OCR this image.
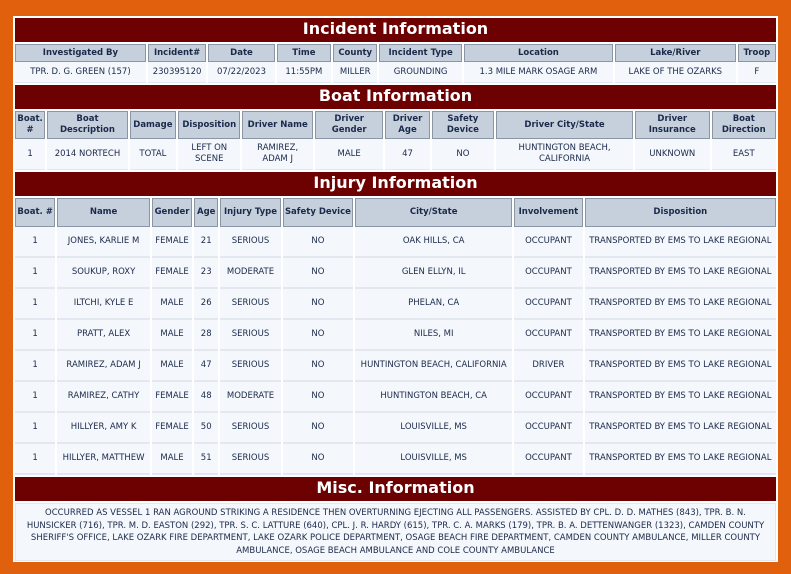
Incident Information
Investigated By	Incident#	Date	Time	County	Incident Type	Location	Lake/River	Troop
TPR. D. G. GREEN (157)	230395120	07/22/2023	11:55PM	MILLER	GROUNDING	1.3 MILE MARK OSAGE ARM	LAKE OF THE OZARKS	F
Boat Information
Boat. #	Boat Description	Damage	Disposition	Driver Name	Driver Gender	Driver Age	Safety Device	Driver City/State	Driver Insurance	Boat Direction
1	2014 NORTECH	TOTAL	LEFT ON SCENE	RAMIREZ, ADAM J	MALE	47	NO	HUNTINGTON BEACH, CALIFORNIA	UNKNOWN	EAST
Injury Information
Boat. #	Name	Gender	Age	Injury Type	Safety Device	City/State	Involvement	Disposition
1	JONES, KARLIE M	FEMALE	21	SERIOUS	NO	OAK HILLS, CA	OCCUPANT	TRANSPORTED BY EMS TO LAKE REGIONAL
1	SOUKUP, ROXY	FEMALE	23	MODERATE	NO	GLEN ELLYN, IL	OCCUPANT	TRANSPORTED BY EMS TO LAKE REGIONAL
1	ILTCHI, KYLE E	MALE	26	SERIOUS	NO	PHELAN, CA	OCCUPANT	TRANSPORTED BY EMS TO LAKE REGIONAL
1	PRATT, ALEX	MALE	28	SERIOUS	NO	NILES, MI	OCCUPANT	TRANSPORTED BY EMS TO LAKE REGIONAL
1	RAMIREZ, ADAM J	MALE	47	SERIOUS	NO	HUNTINGTON BEACH, CALIFORNIA	DRIVER	TRANSPORTED BY EMS TO LAKE REGIONAL
1	RAMIREZ, CATHY	FEMALE	48	MODERATE	NO	HUNTINGTON BEACH, CA	OCCUPANT	TRANSPORTED BY EMS TO LAKE REGIONAL
1	HILLYER, AMY K	FEMALE	50	SERIOUS	NO	LOUISVILLE, MS	OCCUPANT	TRANSPORTED BY EMS TO LAKE REGIONAL
1	HILLYER, MATTHEW	MALE	51	SERIOUS	NO	LOUISVILLE, MS	OCCUPANT	TRANSPORTED BY EMS TO LAKE REGIONAL
Misc. Information
OCCURRED AS VESSEL 1 RAN AGROUND STRIKING A RESIDENCE THEN OVERTURNING EJECTING ALL PASSENGERS. ASSISTED BY CPL. D. D. MATHES (843), TPR. B. N. HUNSICKER (716), TPR. M. D. EASTON (292), TPR. S. C. LATTURE (640), CPL. J. R. HARDY (615), TPR. C. A. MARKS (179), TPR. B. A. DETTENWANGER (1323), CAMDEN COUNTY SHERIFF'S OFFICE, LAKE OZARK FIRE DEPARTMENT, LAKE OZARK POLICE DEPARTMENT, OSAGE BEACH FIRE DEPARTMENT, CAMDEN COUNTY AMBULANCE, MILLER COUNTY AMBULANCE, OSAGE BEACH AMBULANCE AND COLE COUNTY AMBULANCE
